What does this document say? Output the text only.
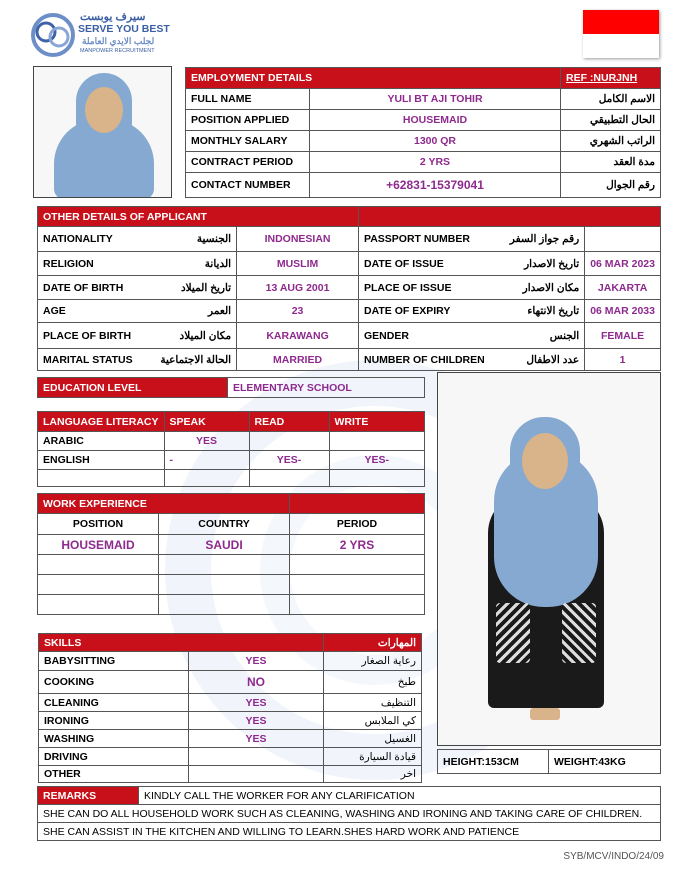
سيرف يوبست
SERVE YOU BEST
لجلب الايدي العاملة
MANPOWER RECRUITMENT
EMPLOYMENT DETAILS		REF :NURJNH
FULL NAME	YULI BT AJI TOHIR	الاسم الكامل
POSITION APPLIED	HOUSEMAID	الحال التطبيقي
MONTHLY SALARY	1300 QR	الراتب الشهري
CONTRACT PERIOD	2 YRS	مدة العقد
CONTACT NUMBER	+62831-15379041	رقم الجوال
OTHER DETAILS OF APPLICANT					
NATIONALITY	الجنسية	INDONESIAN	PASSPORT NUMBER	رقم جواز السفر	
RELIGION	الديانة	MUSLIM	DATE OF ISSUE	تاريخ الاصدار	06 MAR 2023
DATE OF BIRTH	تاريخ الميلاد	13 AUG 2001	PLACE OF ISSUE	مكان الاصدار	JAKARTA
AGE	العمر	23	DATE OF EXPIRY	تاريخ الانتهاء	06 MAR 2033
PLACE OF BIRTH	مكان الميلاد	KARAWANG	GENDER	الجنس	FEMALE
MARITAL STATUS	الحالة الاجتماعية	MARRIED	NUMBER OF CHILDREN	عدد الاطفال	1
EDUCATION LEVEL	ELEMENTARY SCHOOL
LANGUAGE LITERACY	SPEAK	READ	WRITE
ARABIC	YES		
ENGLISH	-	YES-	YES-

WORK EXPERIENCE		
POSITION	COUNTRY	PERIOD
HOUSEMAID	SAUDI	2 YRS

SKILLS		المهارات
BABYSITTING	YES	رعاية الصغار
COOKING	NO	طبخ
CLEANING	YES	التنظيف
IRONING	YES	كي الملابس
WASHING	YES	الغسيل
DRIVING		قيادة السيارة
OTHER		اخر
HEIGHT:153CM	WEIGHT:43KG
REMARKS	KINDLY CALL THE WORKER FOR ANY CLARIFICATION
SHE CAN DO ALL HOUSEHOLD WORK SUCH AS CLEANING, WASHING AND IRONING AND TAKING CARE OF CHILDREN.
SHE CAN ASSIST IN THE KITCHEN AND WILLING TO LEARN.SHES HARD WORK AND PATIENCE
SYB/MCV/INDO/24/09
